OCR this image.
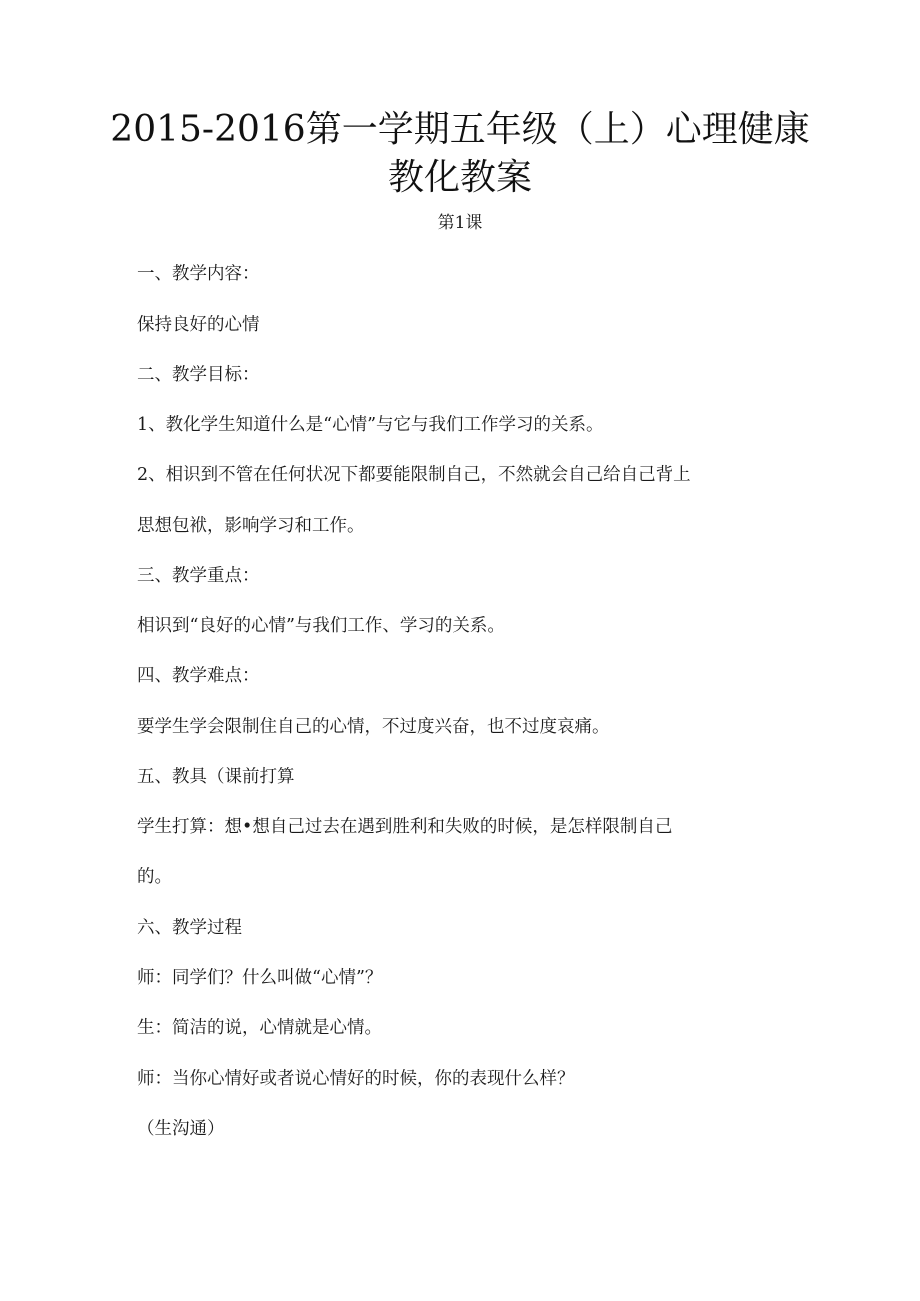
2015-2016第一学期五年级（上）心理健康
教化教案
第1课
一、教学内容：
保持良好的心情
二、教学目标：
1、教化学生知道什么是“心情”与它与我们工作学习的关系。
2、相识到不管在任何状况下都要能限制自己，不然就会自己给自己背上
思想包袱，影响学习和工作。
三、教学重点：
相识到“良好的心情”与我们工作、学习的关系。
四、教学难点：
要学生学会限制住自己的心情，不过度兴奋，也不过度哀痛。
五、教具（课前打算
学生打算：想•想自己过去在遇到胜利和失败的时候，是怎样限制自己
的。
六、教学过程
师：同学们？什么叫做“心情”？
生：简洁的说，心情就是心情。
师：当你心情好或者说心情好的时候，你的表现什么样？
（生沟通）
